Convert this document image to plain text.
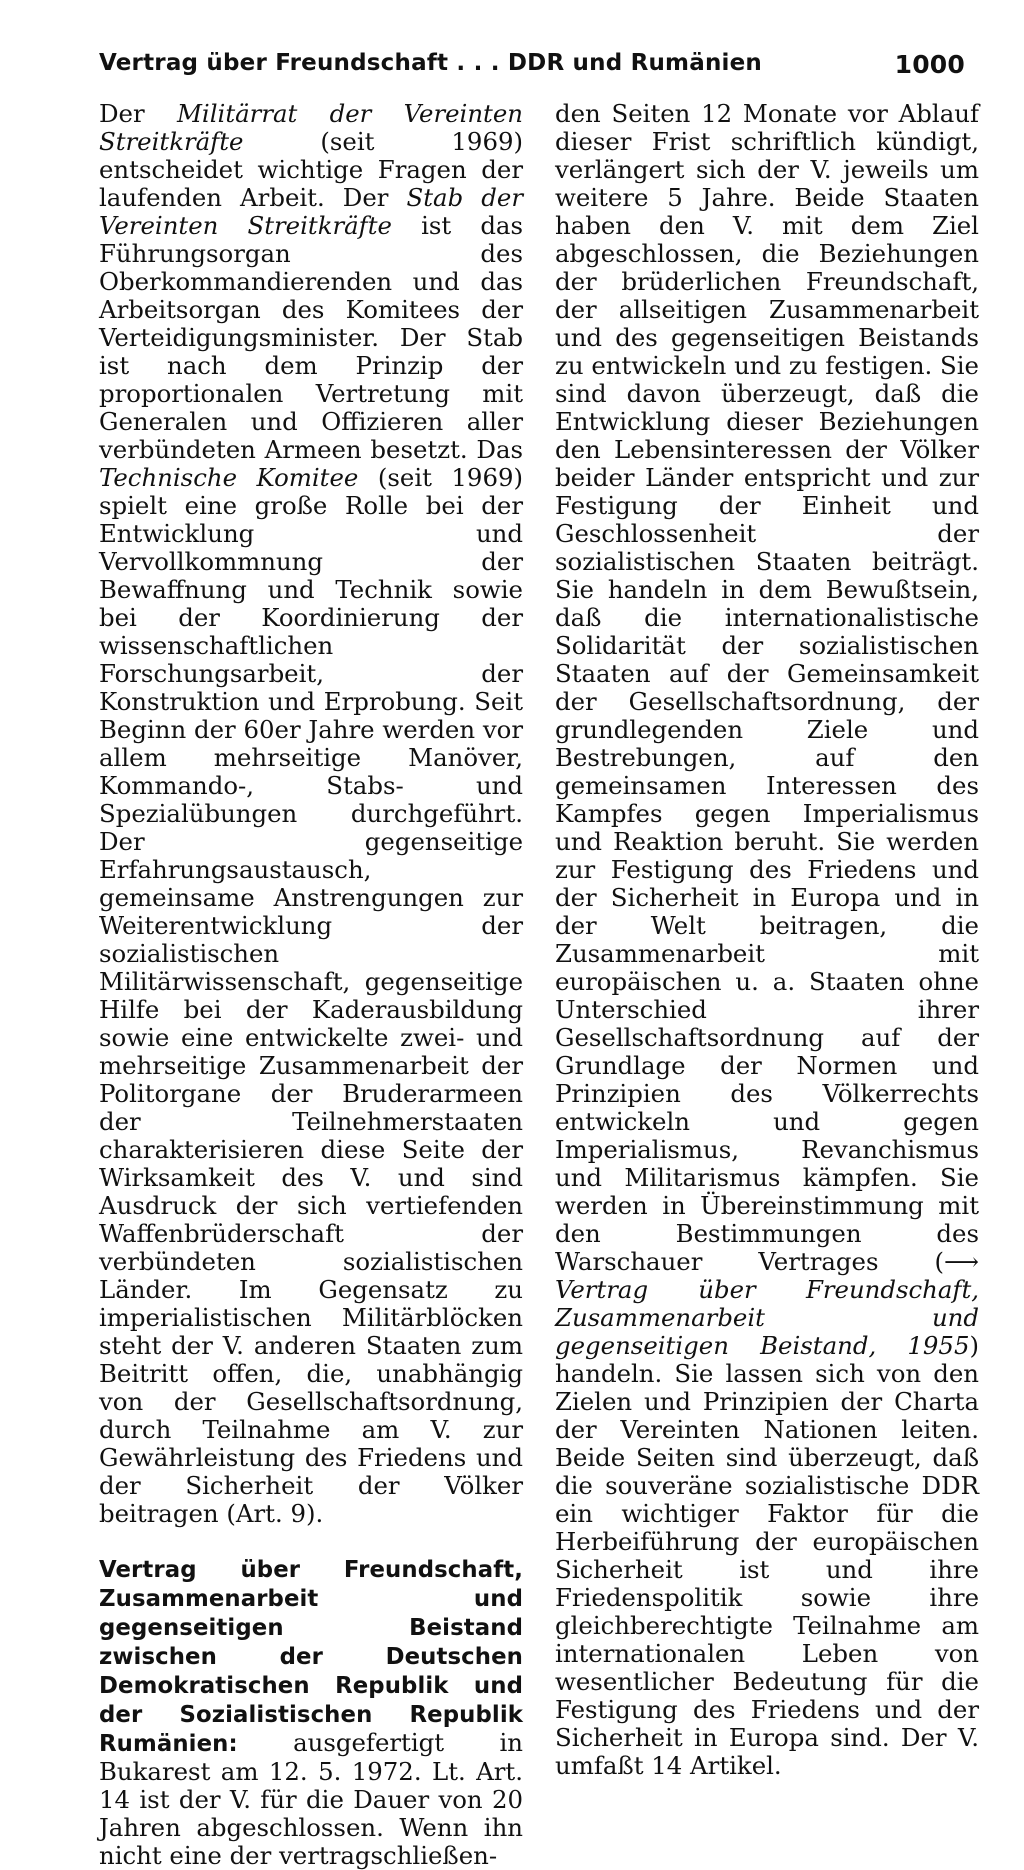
Vertrag über Freundschaft . . . DDR und Rumänien	1000

Der Militärrat der Vereinten Streitkräfte (seit 1969) entscheidet wichtige Fragen der laufenden Arbeit. Der Stab der Vereinten Streitkräfte ist das Führungsorgan des Oberkommandierenden und das Arbeitsorgan des Komitees der Verteidigungsminister. Der Stab ist nach dem Prinzip der proportionalen Vertretung mit Generalen und Offizieren aller verbündeten Armeen besetzt. Das Technische Komitee (seit 1969) spielt eine große Rolle bei der Entwicklung und Vervollkommnung der Bewaffnung und Technik sowie bei der Koordinierung der wissenschaftlichen Forschungsarbeit, der Konstruktion und Erprobung. Seit Beginn der 60er Jahre werden vor allem mehrseitige Manöver, Kommando-, Stabs- und Spezialübungen durchgeführt. Der gegenseitige Erfahrungsaustausch, gemeinsame Anstrengungen zur Weiterentwicklung der sozialistischen Militärwissenschaft, gegenseitige Hilfe bei der Kaderausbildung sowie eine entwickelte zwei- und mehrseitige Zusammenarbeit der Politorgane der Bruderarmeen der Teilnehmerstaaten charakterisieren diese Seite der Wirksamkeit des V. und sind Ausdruck der sich vertiefenden Waffenbrüderschaft der verbündeten sozialistischen Länder. Im Gegensatz zu imperialistischen Militärblöcken steht der V. anderen Staaten zum Beitritt offen, die, unabhängig von der Gesellschaftsordnung, durch Teilnahme am V. zur Gewährleistung des Friedens und der Sicherheit der Völker beitragen (Art. 9).

Vertrag über Freundschaft, Zusammenarbeit und gegenseitigen Beistand zwischen der Deutschen Demokratischen Republik und der Sozialistischen Republik Rumänien: ausgefertigt in Bukarest am 12. 5. 1972. Lt. Art. 14 ist der V. für die Dauer von 20 Jahren abgeschlossen. Wenn ihn nicht eine der vertragschließen-

den Seiten 12 Monate vor Ablauf dieser Frist schriftlich kündigt, verlängert sich der V. jeweils um weitere 5 Jahre. Beide Staaten haben den V. mit dem Ziel abgeschlossen, die Beziehungen der brüderlichen Freundschaft, der allseitigen Zusammenarbeit und des gegenseitigen Beistands zu entwickeln und zu festigen. Sie sind davon überzeugt, daß die Entwicklung dieser Beziehungen den Lebensinteressen der Völker beider Länder entspricht und zur Festigung der Einheit und Geschlossenheit der sozialistischen Staaten beiträgt. Sie handeln in dem Bewußtsein, daß die internationalistische Solidarität der sozialistischen Staaten auf der Gemeinsamkeit der Gesellschaftsordnung, der grundlegenden Ziele und Bestrebungen, auf den gemeinsamen Interessen des Kampfes gegen Imperialismus und Reaktion beruht. Sie werden zur Festigung des Friedens und der Sicherheit in Europa und in der Welt beitragen, die Zusammenarbeit mit europäischen u. a. Staaten ohne Unterschied ihrer Gesellschaftsordnung auf der Grundlage der Normen und Prinzipien des Völkerrechts entwickeln und gegen Imperialismus, Revanchismus und Militarismus kämpfen. Sie werden in Übereinstimmung mit den Bestimmungen des Warschauer Vertrages (⟶ Vertrag über Freundschaft, Zusammenarbeit und gegenseitigen Beistand, 1955) handeln. Sie lassen sich von den Zielen und Prinzipien der Charta der Vereinten Nationen leiten. Beide Seiten sind überzeugt, daß die souveräne sozialistische DDR ein wichtiger Faktor für die Herbeiführung der europäischen Sicherheit ist und ihre Friedenspolitik sowie ihre gleichberechtigte Teilnahme am internationalen Leben von wesentlicher Bedeutung für die Festigung des Friedens und der Sicherheit in Europa sind. Der V. umfaßt 14 Artikel.
